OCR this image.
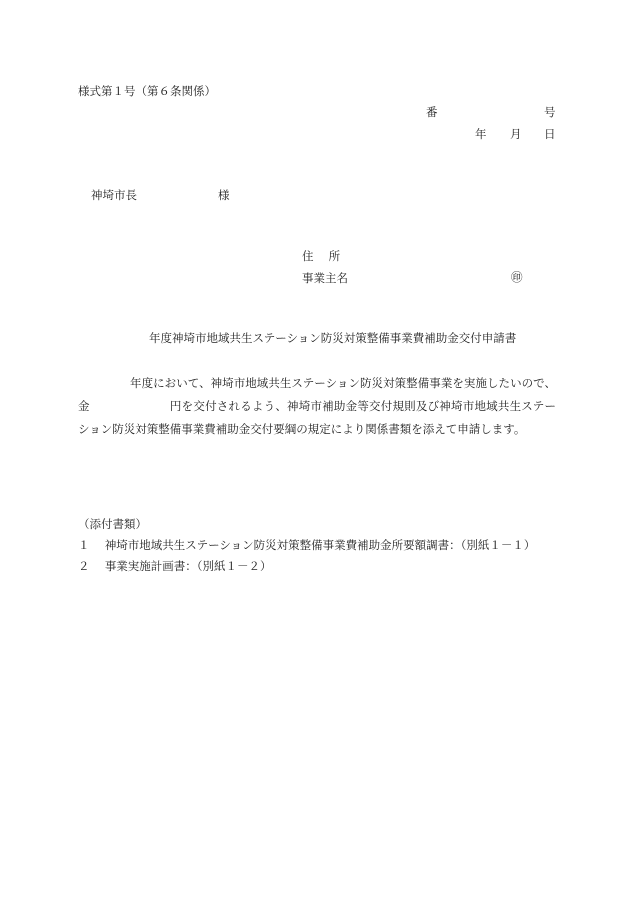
様式第１号（第６条関係）
番	号
年 月 日
神埼市長	様
住　 所
事業主名	㊞
年度神埼市地域共生ステーション防災対策整備事業費補助金交付申請書
年度において、神埼市地域共生ステーション防災対策整備事業を実施したいので、金	円を交付されるよう、神埼市補助金等交付規則及び神埼市地域共生ステーション防災対策整備事業費補助金交付要綱の規定により関係書類を添えて申請します。
（添付書類）
１ 神埼市地域共生ステーション防災対策整備事業費補助金所要額調書：（別紙１－１）
２ 事業実施計画書：（別紙１－２）
